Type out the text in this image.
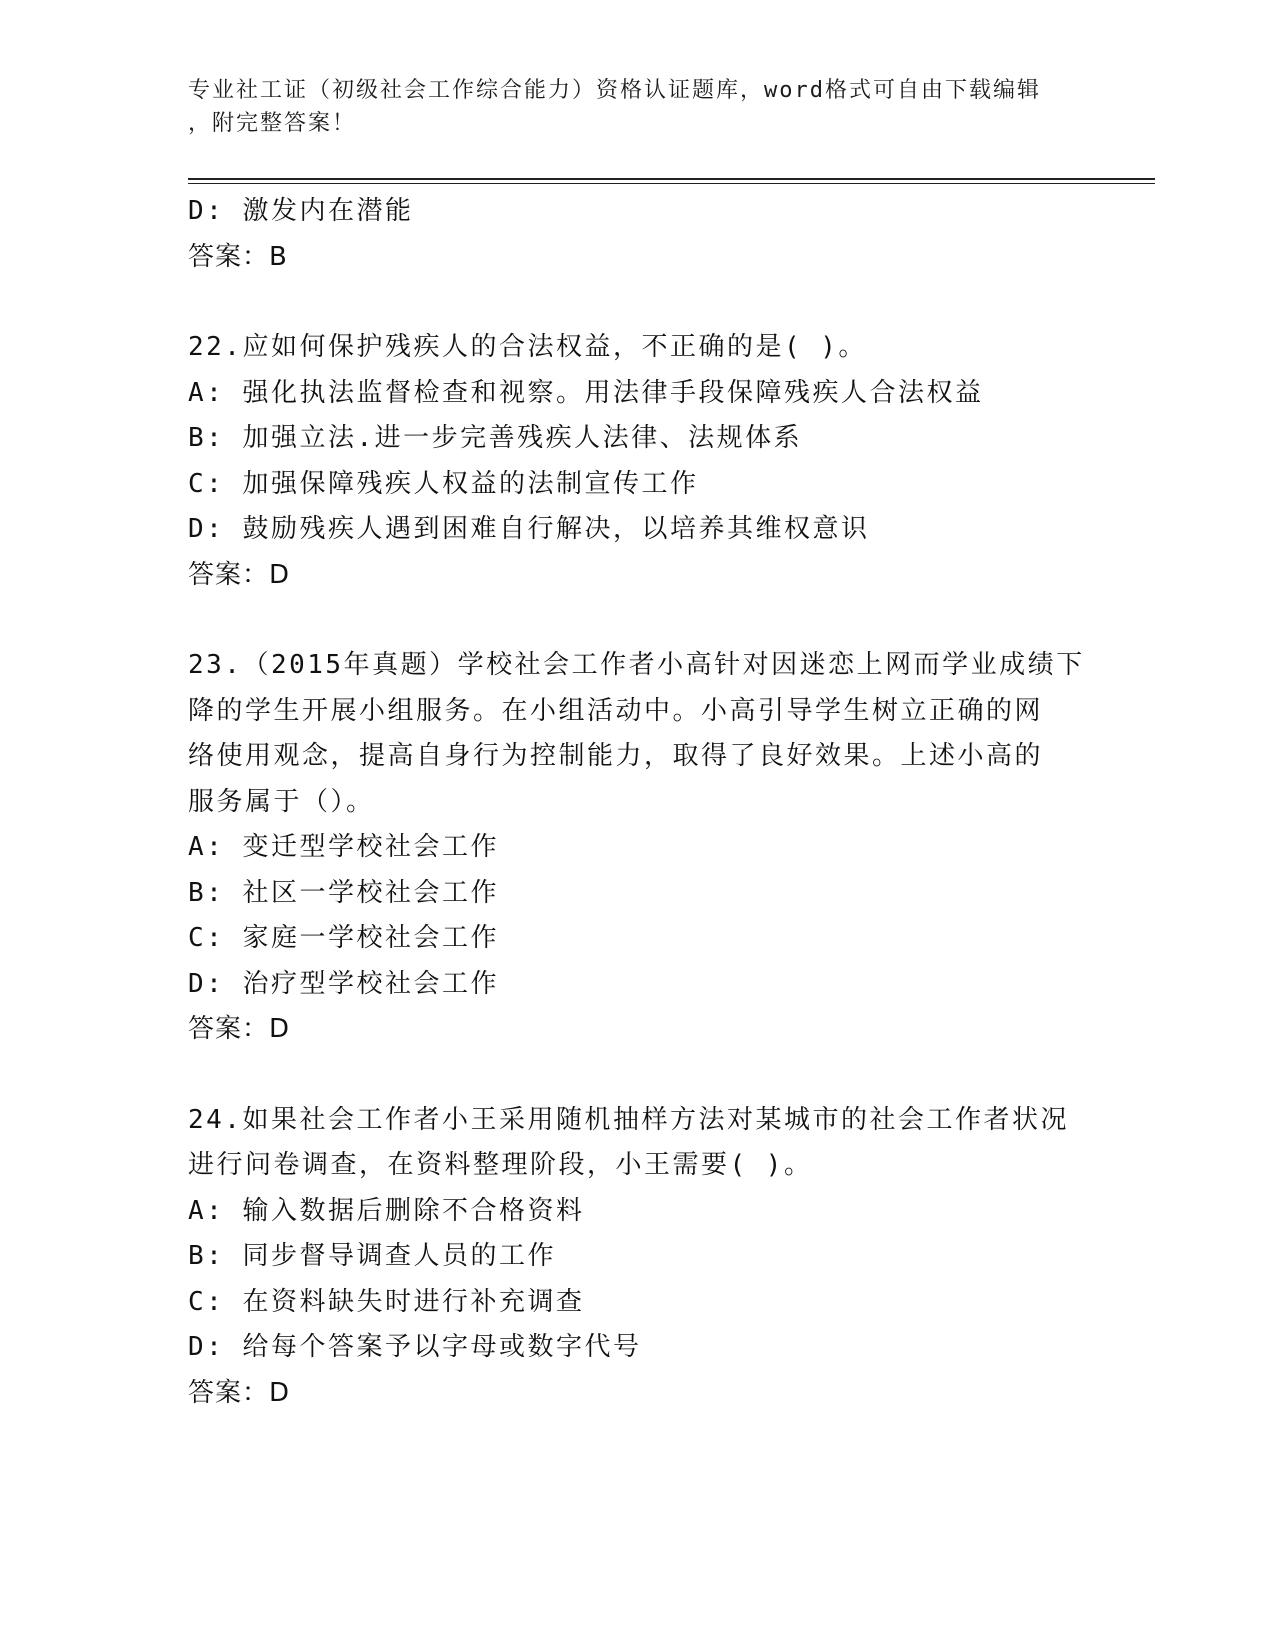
专业社工证（初级社会工作综合能力）资格认证题库，word格式可自由下载编辑
，附完整答案！
D: 激发内在潜能
答案：B
22.应如何保护残疾人的合法权益，不正确的是( )。
A: 强化执法监督检查和视察。用法律手段保障残疾人合法权益
B: 加强立法.进一步完善残疾人法律、法规体系
C: 加强保障残疾人权益的法制宣传工作
D: 鼓励残疾人遇到困难自行解决，以培养其维权意识
答案：D
23.（2015年真题）学校社会工作者小高针对因迷恋上网而学业成绩下
降的学生开展小组服务。在小组活动中。小高引导学生树立正确的网
络使用观念，提高自身行为控制能力，取得了良好效果。上述小高的
服务属于（）。
A: 变迁型学校社会工作
B: 社区一学校社会工作
C: 家庭一学校社会工作
D: 治疗型学校社会工作
答案：D
24.如果社会工作者小王采用随机抽样方法对某城市的社会工作者状况
进行问卷调查，在资料整理阶段，小王需要( )。
A: 输入数据后删除不合格资料
B: 同步督导调查人员的工作
C: 在资料缺失时进行补充调查
D: 给每个答案予以字母或数字代号
答案：D
